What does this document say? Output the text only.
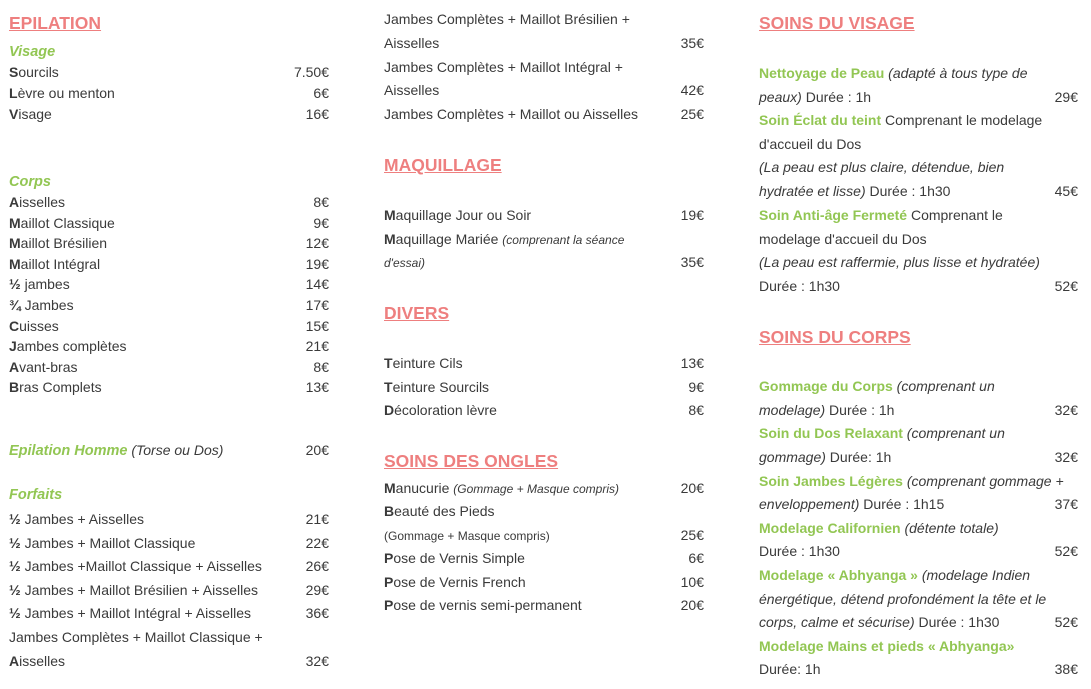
EPILATION
Visage
Sourcils	7.50€
Lèvre ou menton	6€
Visage	16€
Corps
Aisselles	8€
Maillot Classique	9€
Maillot Brésilien	12€
Maillot Intégral	19€
½ jambes	14€
¾ Jambes	17€
Cuisses	15€
Jambes complètes	21€
Avant-bras	8€
Bras Complets	13€
Epilation Homme (Torse ou Dos)	20€
Forfaits
½ Jambes + Aisselles	21€
½ Jambes + Maillot Classique	22€
½ Jambes +Maillot Classique + Aisselles	26€
½ Jambes + Maillot Brésilien + Aisselles	29€
½ Jambes + Maillot Intégral + Aisselles	36€
Jambes Complètes + Maillot Classique +
Aisselles	32€
Jambes Complètes + Maillot Brésilien +
Aisselles	35€
Jambes Complètes + Maillot Intégral +
Aisselles	42€
Jambes Complètes + Maillot ou Aisselles	25€
MAQUILLAGE
Maquillage Jour ou Soir	19€
Maquillage Mariée (comprenant la séance
d'essai)	35€
DIVERS
Teinture Cils	13€
Teinture Sourcils	9€
Décoloration lèvre	8€
SOINS DES ONGLES
Manucurie (Gommage + Masque compris)	20€
Beauté des Pieds
(Gommage + Masque compris)	25€
Pose de Vernis Simple	6€
Pose de Vernis French	10€
Pose de vernis semi-permanent	20€
SOINS DU VISAGE
Nettoyage de Peau (adapté à tous type de
peaux) Durée : 1h	29€
Soin Éclat du teint Comprenant le modelage
d'accueil du Dos
(La peau est plus claire, détendue, bien
hydratée et lisse) Durée : 1h30	45€
Soin Anti-âge Fermeté Comprenant le
modelage d'accueil du Dos
(La peau est raffermie, plus lisse et hydratée)
Durée : 1h30	52€
SOINS DU CORPS
Gommage du Corps (comprenant un
modelage) Durée : 1h	32€
Soin du Dos Relaxant (comprenant un
gommage) Durée: 1h	32€
Soin Jambes Légères (comprenant gommage +
enveloppement) Durée : 1h15	37€
Modelage Californien (détente totale)
Durée : 1h30	52€
Modelage « Abhyanga » (modelage Indien
énergétique, détend profondément la tête et le
corps, calme et sécurise) Durée : 1h30	52€
Modelage Mains et pieds « Abhyanga»
Durée: 1h	38€
